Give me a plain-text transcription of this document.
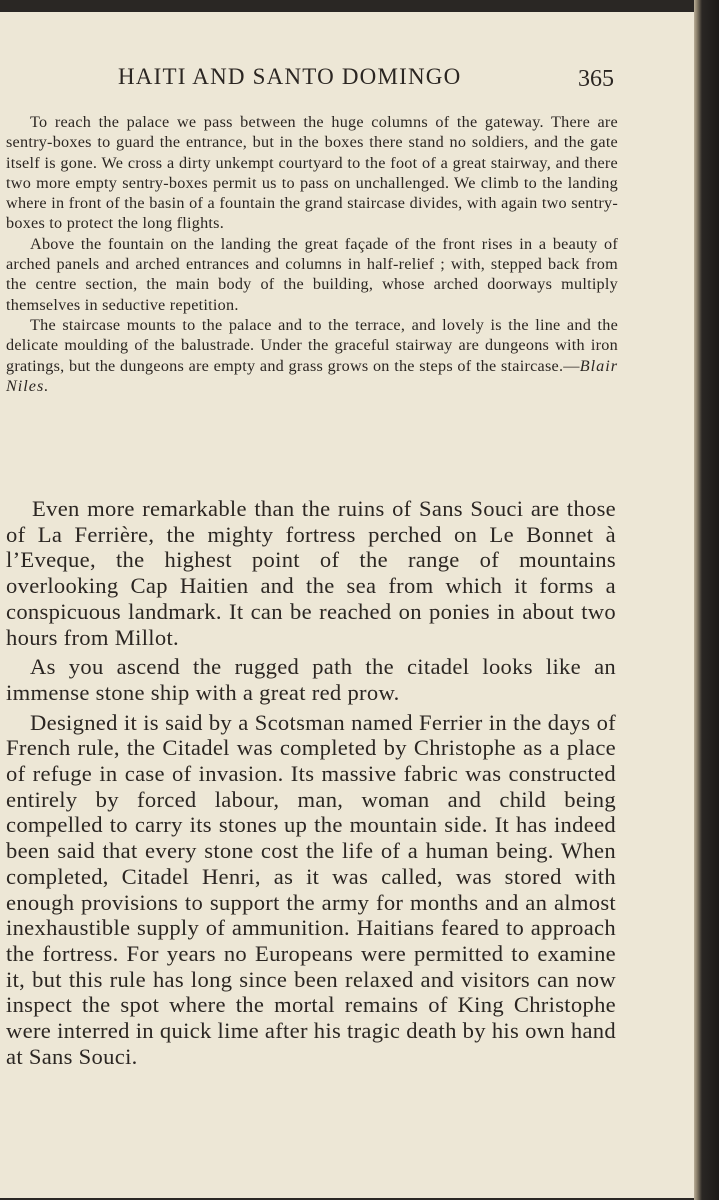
HAITI AND SANTO DOMINGO	365

To reach the palace we pass between the huge columns of the gateway. There are sentry-boxes to guard the entrance, but in the boxes there stand no soldiers, and the gate itself is gone. We cross a dirty unkempt courtyard to the foot of a great stairway, and there two more empty sentry-boxes permit us to pass on unchallenged. We climb to the landing where in front of the basin of a fountain the grand staircase divides, with again two sentry-boxes to protect the long flights.

Above the fountain on the landing the great façade of the front rises in a beauty of arched panels and arched entrances and columns in half-relief ; with, stepped back from the centre section, the main body of the building, whose arched doorways multiply themselves in seductive repetition.

The staircase mounts to the palace and to the terrace, and lovely is the line and the delicate moulding of the balustrade. Under the graceful stairway are dungeons with iron gratings, but the dungeons are empty and grass grows on the steps of the staircase.—Blair Niles.

Even more remarkable than the ruins of Sans Souci are those of La Ferrière, the mighty fortress perched on Le Bonnet à l’Eveque, the highest point of the range of mountains overlooking Cap Haitien and the sea from which it forms a conspicuous landmark. It can be reached on ponies in about two hours from Millot.

As you ascend the rugged path the citadel looks like an immense stone ship with a great red prow.

Designed it is said by a Scotsman named Ferrier in the days of French rule, the Citadel was completed by Christophe as a place of refuge in case of invasion. Its massive fabric was constructed entirely by forced labour, man, woman and child being compelled to carry its stones up the mountain side. It has indeed been said that every stone cost the life of a human being. When completed, Citadel Henri, as it was called, was stored with enough provisions to support the army for months and an almost inexhaustible supply of ammunition. Haitians feared to approach the fortress. For years no Europeans were permitted to examine it, but this rule has long since been relaxed and visitors can now inspect the spot where the mortal remains of King Christophe were interred in quick lime after his tragic death by his own hand at Sans Souci.
